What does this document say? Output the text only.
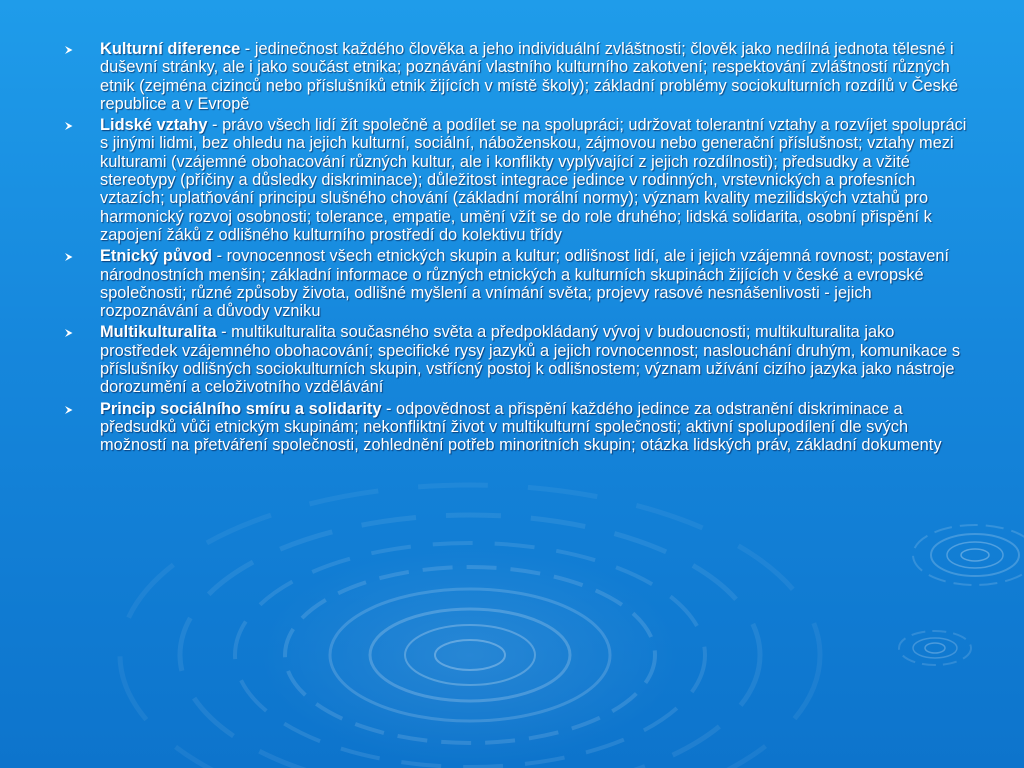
Kulturní diference - jedinečnost každého člověka a jeho individuální zvláštnosti; člověk jako nedílná jednota tělesné i duševní stránky, ale i jako součást etnika; poznávání vlastního kulturního zakotvení; respektování zvláštností různých etnik (zejména cizinců nebo příslušníků etnik žijících v místě školy); základní problémy sociokulturních rozdílů v České republice a v Evropě
Lidské vztahy - právo všech lidí žít společně a podílet se na spolupráci; udržovat tolerantní vztahy a rozvíjet spolupráci s jinými lidmi, bez ohledu na jejich kulturní, sociální, náboženskou, zájmovou nebo generační příslušnost; vztahy mezi kulturami (vzájemné obohacování různých kultur, ale i konflikty vyplývající z jejich rozdílnosti); předsudky a vžité stereotypy (příčiny a důsledky diskriminace); důležitost integrace jedince v rodinných, vrstevnických a profesních vztazích; uplatňování principu slušného chování (základní morální normy); význam kvality mezilidských vztahů pro harmonický rozvoj osobnosti; tolerance, empatie, umění vžít se do role druhého; lidská solidarita, osobní přispění k zapojení žáků z odlišného kulturního prostředí do kolektivu třídy
Etnický původ - rovnocennost všech etnických skupin a kultur; odlišnost lidí, ale i jejich vzájemná rovnost; postavení národnostních menšin; základní informace o různých etnických a kulturních skupinách žijících v české a evropské společnosti; různé způsoby života, odlišné myšlení a vnímání světa; projevy rasové nesnášenlivosti - jejich rozpoznávání a důvody vzniku
Multikulturalita - multikulturalita současného světa a předpokládaný vývoj v budoucnosti; multikulturalita jako prostředek vzájemného obohacování; specifické rysy jazyků a jejich rovnocennost; naslouchání druhým, komunikace s příslušníky odlišných sociokulturních skupin, vstřícný postoj k odlišnostem; význam užívání cizího jazyka jako nástroje dorozumění a celoživotního vzdělávání
Princip sociálního smíru a solidarity - odpovědnost a přispění každého jedince za odstranění diskriminace a předsudků vůči etnickým skupinám; nekonfliktní život v multikulturní společnosti; aktivní spolupodílení dle svých možností na přetváření společnosti, zohlednění potřeb minoritních skupin; otázka lidských práv, základní dokumenty
